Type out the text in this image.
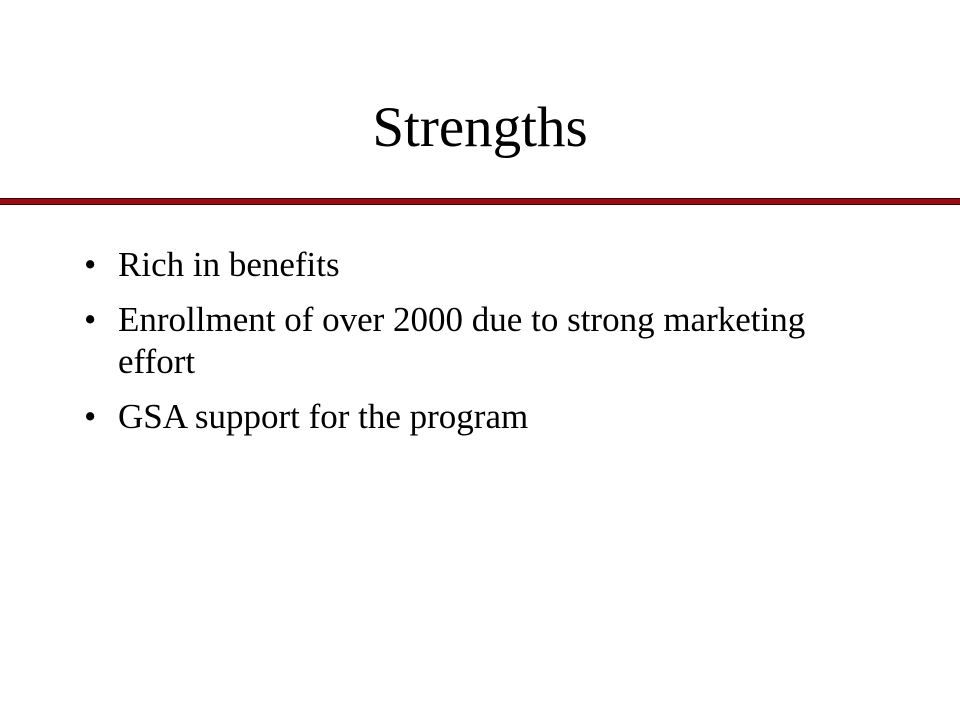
Strengths
• Rich in benefits
• Enrollment of over 2000 due to strong marketing effort
• GSA support for the program
